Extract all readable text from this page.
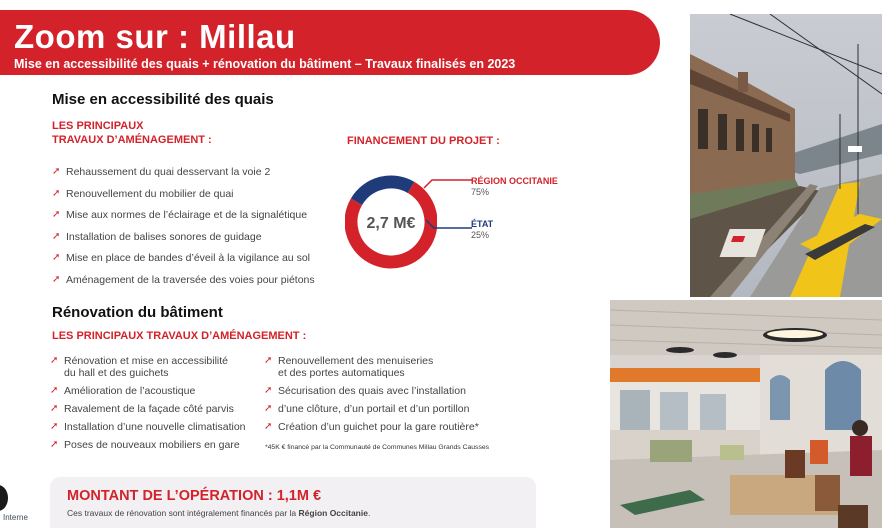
Zoom sur : Millau
Mise en accessibilité des quais + rénovation du bâtiment – Travaux finalisés en 2023
Mise en accessibilité des quais
LES PRINCIPAUX
TRAVAUX D’AMÉNAGEMENT :
➚ Rehaussement du quai desservant la voie 2
➚ Renouvellement du mobilier de quai
➚ Mise aux normes de l’éclairage et de la signalétique
➚ Installation de balises sonores de guidage
➚ Mise en place de bandes d’éveil à la vigilance au sol
➚ Aménagement de la traversée des voies pour piétons
FINANCEMENT DU PROJET :
2,7 M€
RÉGION OCCITANIE
75%
ÉTAT
25%
Rénovation du bâtiment
LES PRINCIPAUX TRAVAUX D’AMÉNAGEMENT :
➚ Rénovation et mise en accessibilité
du hall et des guichets
➚ Amélioration de l’acoustique
➚ Ravalement de la façade côté parvis
➚ Installation d’une nouvelle climatisation
➚ Poses de nouveaux mobiliers en gare
➚ Renouvellement des menuiseries
et des portes automatiques
➚ Sécurisation des quais avec l’installation
➚ d’une clôture, d’un portail et d’un portillon
➚ Création d’un guichet pour la gare routière*
*45K € financé par la Communauté de Communes Millau Grands Causses
MONTANT DE L’OPÉRATION : 1,1M €
Ces travaux de rénovation sont intégralement financés par la Région Occitanie.
Interne
